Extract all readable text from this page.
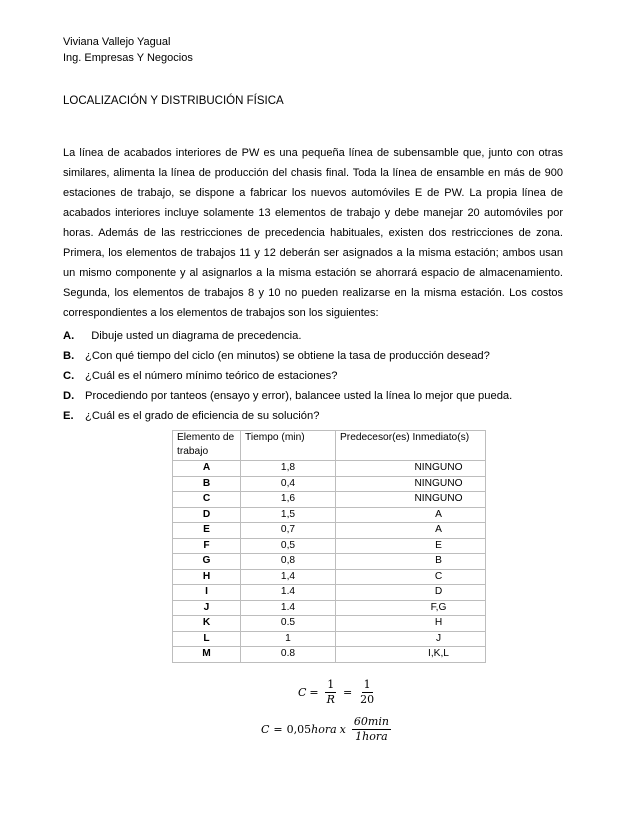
Viviana Vallejo Yagual
Ing. Empresas Y Negocios
LOCALIZACIÓN Y DISTRIBUCIÓN FÍSICA
La línea de acabados interiores de PW es una pequeña línea de subensamble que, junto con otras similares, alimenta la línea de producción del chasis final. Toda la línea de ensamble en más de 900 estaciones de trabajo, se dispone a fabricar los nuevos automóviles E de PW. La propia línea de acabados interiores incluye solamente 13 elementos de trabajo y debe manejar 20 automóviles por horas. Además de las restricciones de precedencia habituales, existen dos restricciones de zona. Primera, los elementos de trabajos 11 y 12 deberán ser asignados a la misma estación; ambos usan un mismo componente y al asignarlos a la misma estación se ahorrará espacio de almacenamiento. Segunda, los elementos de trabajos 8 y 10 no pueden realizarse en la misma estación. Los costos correspondientes a los elementos de trabajos son los siguientes:
A. Dibuje usted un diagrama de precedencia.
B. ¿Con qué tiempo del ciclo (en minutos) se obtiene la tasa de producción desead?
C. ¿Cuál es el número mínimo teórico de estaciones?
D. Procediendo por tanteos (ensayo y error), balancee usted la línea lo mejor que pueda.
E.	¿Cuál es el grado de eficiencia de su solución?
Elemento de trabajo	Tiempo (min)	Predecesor(es) Inmediato(s)
A	1,8	NINGUNO
B	0,4	NINGUNO
C	1,6	NINGUNO
D	1,5	A
E	0,7	A
F	0,5	E
G	0,8	B
H	1,4	C
I	1.4	D
J	1.4	F,G
K	0.5	H
L	1	J
M	0.8	I,K,L
$C = \frac{1}{R} = \frac{1}{20}$
C = 0,05 hora x $\frac{60\min}{\text{1hora}}$
